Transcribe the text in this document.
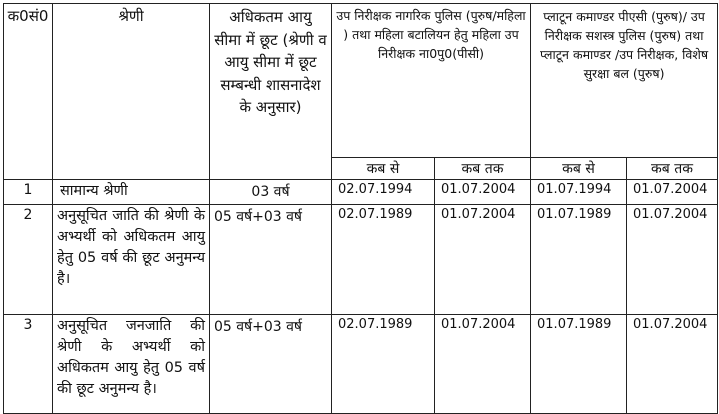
क0सं0	श्रेणी	अधिकतम आयु सीमा में छूट (श्रेणी व आयु सीमा में छूट सम्बन्धी शासनादेश के अनुसार)	उप निरीक्षक नागरिक पुलिस (पुरुष/महिला ) तथा महिला बटालियन हेतु महिला उप निरीक्षक ना0पु0(पीसी)		प्लाटून कमाण्डर पीएसी (पुरुष)/ उप निरीक्षक सशस्त्र पुलिस (पुरुष) तथा प्लाटून कमाण्डर /उप निरीक्षक, विशेष सुरक्षा बल (पुरुष)	
			कब से	कब तक	कब से	कब तक
1	सामान्य श्रेणी	03 वर्ष	02.07.1994	01.07.2004	01.07.1994	01.07.2004
2	अनुसूचित जाति की श्रेणी के अभ्यर्थी को अधिकतम आयु हेतु 05 वर्ष की छूट अनुमन्य है।	05 वर्ष+03 वर्ष	02.07.1989	01.07.2004	01.07.1989	01.07.2004
3	अनुसूचित जनजाति की श्रेणी के अभ्यर्थी को अधिकतम आयु हेतु 05 वर्ष की छूट अनुमन्य है।	05 वर्ष+03 वर्ष	02.07.1989	01.07.2004	01.07.1989	01.07.2004
